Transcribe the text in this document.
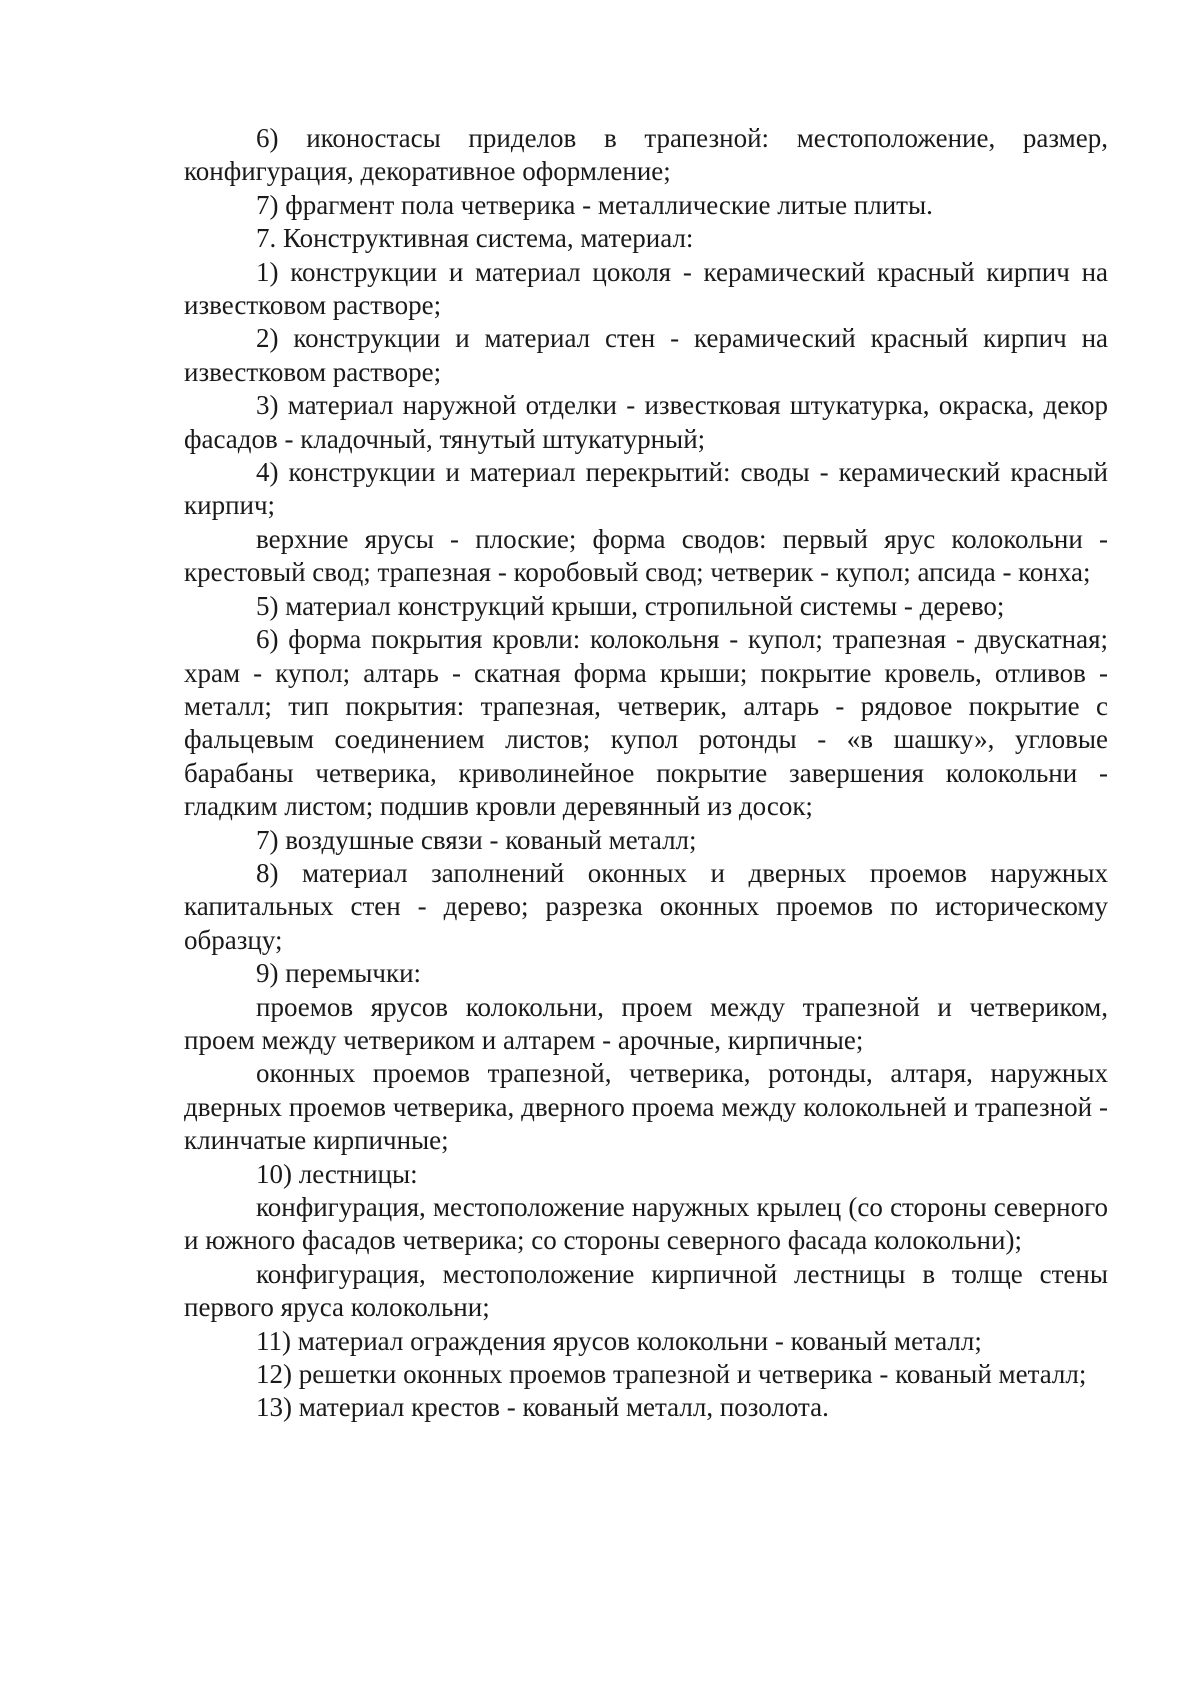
6) иконостасы приделов в трапезной: местоположение, размер, конфигурация, декоративное оформление;

7) фрагмент пола четверика - металлические литые плиты.

7. Конструктивная система, материал:

1) конструкции и материал цоколя - керамический красный кирпич на известковом растворе;

2) конструкции и материал стен - керамический красный кирпич на известковом растворе;

3) материал наружной отделки - известковая штукатурка, окраска, декор фасадов - кладочный, тянутый штукатурный;

4) конструкции и материал перекрытий: своды - керамический красный кирпич;

верхние ярусы - плоские; форма сводов: первый ярус колокольни - крестовый свод; трапезная - коробовый свод; четверик - купол; апсида - конха;

5) материал конструкций крыши, стропильной системы - дерево;

6) форма покрытия кровли: колокольня - купол; трапезная - двускатная; храм - купол; алтарь - скатная форма крыши; покрытие кровель, отливов - металл; тип покрытия: трапезная, четверик, алтарь - рядовое покрытие с фальцевым соединением листов; купол ротонды - «в шашку», угловые барабаны четверика, криволинейное покрытие завершения колокольни - гладким листом; подшив кровли деревянный из досок;

7) воздушные связи - кованый металл;

8) материал заполнений оконных и дверных проемов наружных капитальных стен - дерево; разрезка оконных проемов по историческому образцу;

9) перемычки:

проемов ярусов колокольни, проем между трапезной и четвериком, проем между четвериком и алтарем - арочные, кирпичные;

оконных проемов трапезной, четверика, ротонды, алтаря, наружных дверных проемов четверика, дверного проема между колокольней и трапезной - клинчатые кирпичные;

10) лестницы:

конфигурация, местоположение наружных крылец (со стороны северного и южного фасадов четверика; со стороны северного фасада колокольни);

конфигурация, местоположение кирпичной лестницы в толще стены первого яруса колокольни;

11) материал ограждения ярусов колокольни - кованый металл;

12) решетки оконных проемов трапезной и четверика - кованый металл;

13) материал крестов - кованый металл, позолота.
